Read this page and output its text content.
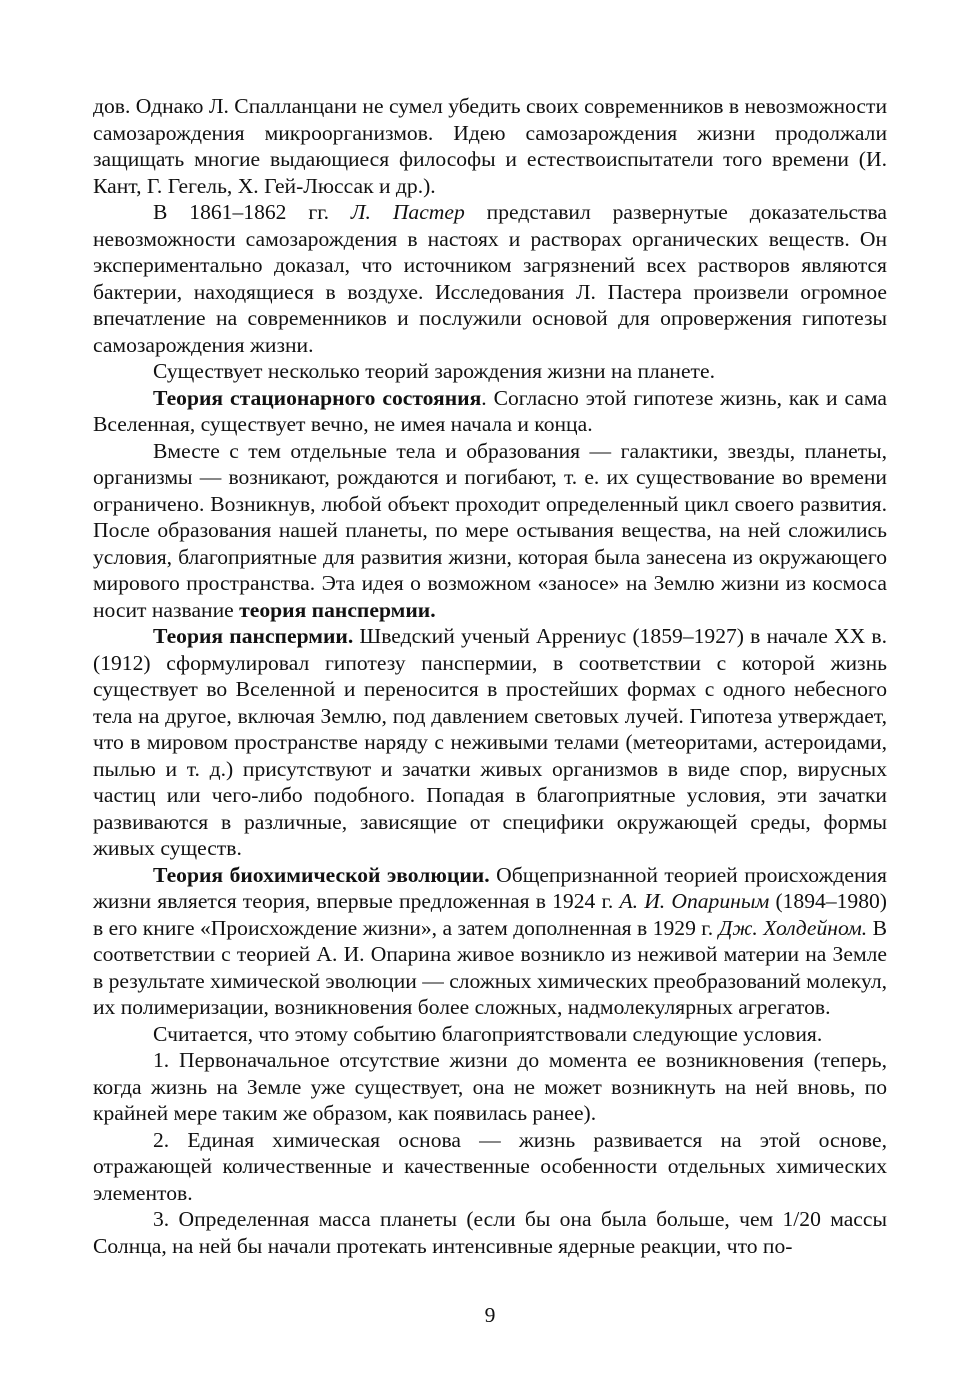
дов. Однако Л. Спалланцани не сумел убедить своих современников в невозможности самозарождения микроорганизмов. Идею самозарождения жизни продолжали защищать многие выдающиеся философы и естествоиспытатели того времени (И. Кант, Г. Гегель, Х. Гей-Люссак и др.).

В 1861–1862 гг. Л. Пастер представил развернутые доказательства невозможности самозарождения в настоях и растворах органических веществ. Он экспериментально доказал, что источником загрязнений всех растворов являются бактерии, находящиеся в воздухе. Исследования Л. Пастера произвели огромное впечатление на современников и послужили основой для опровержения гипотезы самозарождения жизни.

Существует несколько теорий зарождения жизни на планете.

Теория стационарного состояния. Согласно этой гипотезе жизнь, как и сама Вселенная, существует вечно, не имея начала и конца.

Вместе с тем отдельные тела и образования — галактики, звезды, планеты, организмы — возникают, рождаются и погибают, т. е. их существование во времени ограничено. Возникнув, любой объект проходит определенный цикл своего развития. После образования нашей планеты, по мере остывания вещества, на ней сложились условия, благоприятные для развития жизни, которая была занесена из окружающего мирового пространства. Эта идея о возможном «заносе» на Землю жизни из космоса носит название теория панспермии.

Теория панспермии. Шведский ученый Аррениус (1859–1927) в начале XX в. (1912) сформулировал гипотезу панспермии, в соответствии с которой жизнь существует во Вселенной и переносится в простейших формах с одного небесного тела на другое, включая Землю, под давлением световых лучей. Гипотеза утверждает, что в мировом пространстве наряду с неживыми телами (метеоритами, астероидами, пылью и т. д.) присутствуют и зачатки живых организмов в виде спор, вирусных частиц или чего-либо подобного. Попадая в благоприятные условия, эти зачатки развиваются в различные, зависящие от специфики окружающей среды, формы живых существ.

Теория биохимической эволюции. Общепризнанной теорией происхождения жизни является теория, впервые предложенная в 1924 г. А. И. Опариным (1894–1980) в его книге «Происхождение жизни», а затем дополненная в 1929 г. Дж. Холдейном. В соответствии с теорией А. И. Опарина живое возникло из неживой материи на Земле в результате химической эволюции — сложных химических преобразований молекул, их полимеризации, возникновения более сложных, надмолекулярных агрегатов.

Считается, что этому событию благоприятствовали следующие условия.

1. Первоначальное отсутствие жизни до момента ее возникновения (теперь, когда жизнь на Земле уже существует, она не может возникнуть на ней вновь, по крайней мере таким же образом, как появилась ранее).

2. Единая химическая основа — жизнь развивается на этой основе, отражающей количественные и качественные особенности отдельных химических элементов.

3. Определенная масса планеты (если бы она была больше, чем 1/20 массы Солнца, на ней бы начали протекать интенсивные ядерные реакции, что по-

9
